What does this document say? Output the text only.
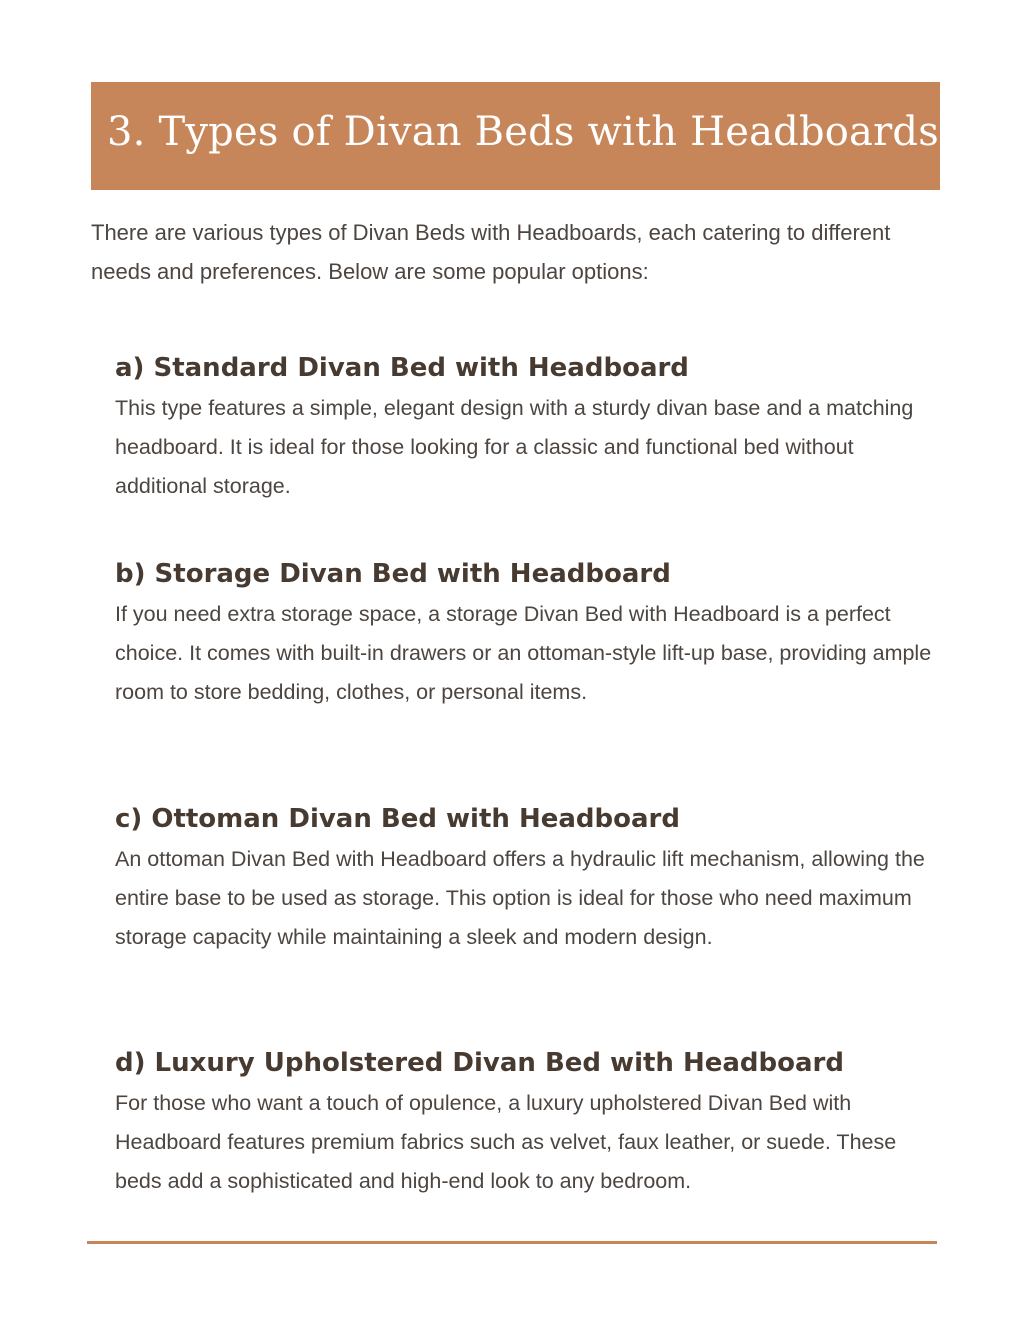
3. Types of Divan Beds with Headboards

There are various types of Divan Beds with Headboards, each catering to different needs and preferences. Below are some popular options:

a) Standard Divan Bed with Headboard

This type features a simple, elegant design with a sturdy divan base and a matching headboard. It is ideal for those looking for a classic and functional bed without additional storage.

b) Storage Divan Bed with Headboard

If you need extra storage space, a storage Divan Bed with Headboard is a perfect choice. It comes with built-in drawers or an ottoman-style lift-up base, providing ample room to store bedding, clothes, or personal items.

c) Ottoman Divan Bed with Headboard

An ottoman Divan Bed with Headboard offers a hydraulic lift mechanism, allowing the entire base to be used as storage. This option is ideal for those who need maximum storage capacity while maintaining a sleek and modern design.

d) Luxury Upholstered Divan Bed with Headboard

For those who want a touch of opulence, a luxury upholstered Divan Bed with Headboard features premium fabrics such as velvet, faux leather, or suede. These beds add a sophisticated and high-end look to any bedroom.
